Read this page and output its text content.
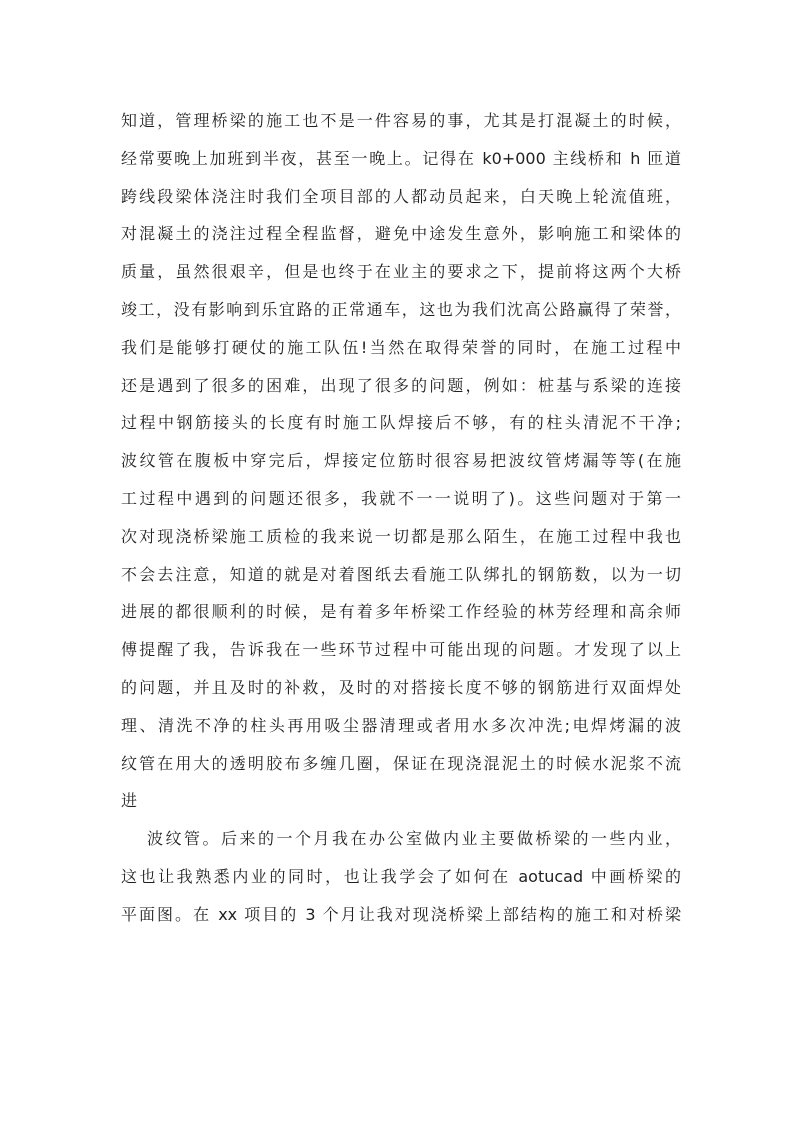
知道，管理桥梁的施工也不是一件容易的事，尤其是打混凝土的时候，
经常要晚上加班到半夜，甚至一晚上。记得在 k0+000 主线桥和 h 匝道
跨线段梁体浇注时我们全项目部的人都动员起来，白天晚上轮流值班，
对混凝土的浇注过程全程监督，避免中途发生意外，影响施工和梁体的
质量，虽然很艰辛，但是也终于在业主的要求之下，提前将这两个大桥
竣工，没有影响到乐宜路的正常通车，这也为我们沈高公路赢得了荣誉，
我们是能够打硬仗的施工队伍!当然在取得荣誉的同时，在施工过程中
还是遇到了很多的困难，出现了很多的问题，例如：桩基与系梁的连接
过程中钢筋接头的长度有时施工队焊接后不够，有的柱头清泥不干净;
波纹管在腹板中穿完后，焊接定位筋时很容易把波纹管烤漏等等(在施
工过程中遇到的问题还很多，我就不一一说明了)。这些问题对于第一
次对现浇桥梁施工质检的我来说一切都是那么陌生，在施工过程中我也
不会去注意，知道的就是对着图纸去看施工队绑扎的钢筋数，以为一切
进展的都很顺利的时候，是有着多年桥梁工作经验的林芳经理和高余师
傅提醒了我，告诉我在一些环节过程中可能出现的问题。才发现了以上
的问题，并且及时的补救，及时的对搭接长度不够的钢筋进行双面焊处
理、清洗不净的柱头再用吸尘器清理或者用水多次冲洗;电焊烤漏的波
纹管在用大的透明胶布多缠几圈，保证在现浇混泥土的时候水泥浆不流
进
波纹管。后来的一个月我在办公室做内业主要做桥梁的一些内业，
这也让我熟悉内业的同时，也让我学会了如何在 aotucad 中画桥梁的
平面图。在 xx 项目的 3 个月让我对现浇桥梁上部结构的施工和对桥梁
